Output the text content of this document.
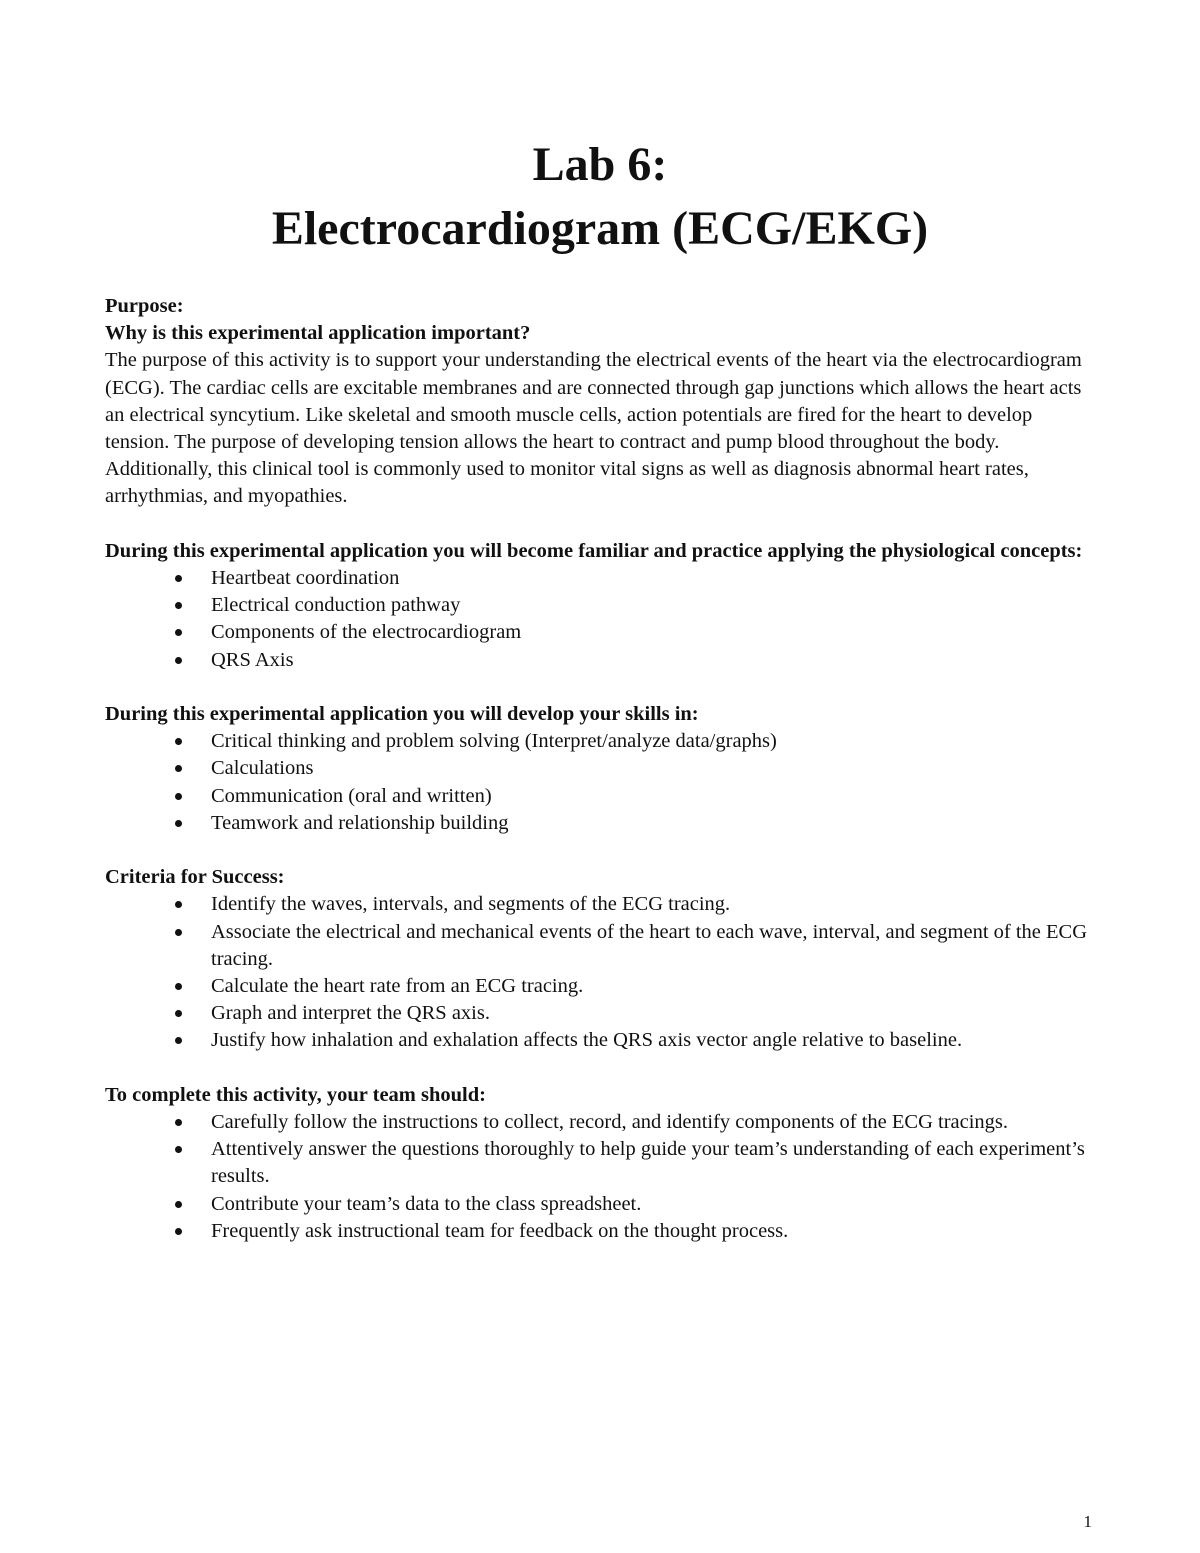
Lab 6:
Electrocardiogram (ECG/EKG)

Purpose:

Why is this experimental application important?

The purpose of this activity is to support your understanding the electrical events of the heart via the electrocardiogram (ECG). The cardiac cells are excitable membranes and are connected through gap junctions which allows the heart acts an electrical syncytium. Like skeletal and smooth muscle cells, action potentials are fired for the heart to develop tension. The purpose of developing tension allows the heart to contract and pump blood throughout the body. Additionally, this clinical tool is commonly used to monitor vital signs as well as diagnosis abnormal heart rates, arrhythmias, and myopathies.

During this experimental application you will become familiar and practice applying the physiological concepts:

Heartbeat coordination
Electrical conduction pathway
Components of the electrocardiogram
QRS Axis

During this experimental application you will develop your skills in:

Critical thinking and problem solving (Interpret/analyze data/graphs)
Calculations
Communication (oral and written)
Teamwork and relationship building

Criteria for Success:

Identify the waves, intervals, and segments of the ECG tracing.
Associate the electrical and mechanical events of the heart to each wave, interval, and segment of the ECG tracing.
Calculate the heart rate from an ECG tracing.
Graph and interpret the QRS axis.
Justify how inhalation and exhalation affects the QRS axis vector angle relative to baseline.

To complete this activity, your team should:

Carefully follow the instructions to collect, record, and identify components of the ECG tracings.
Attentively answer the questions thoroughly to help guide your team’s understanding of each experiment’s results.
Contribute your team’s data to the class spreadsheet.
Frequently ask instructional team for feedback on the thought process.
1
